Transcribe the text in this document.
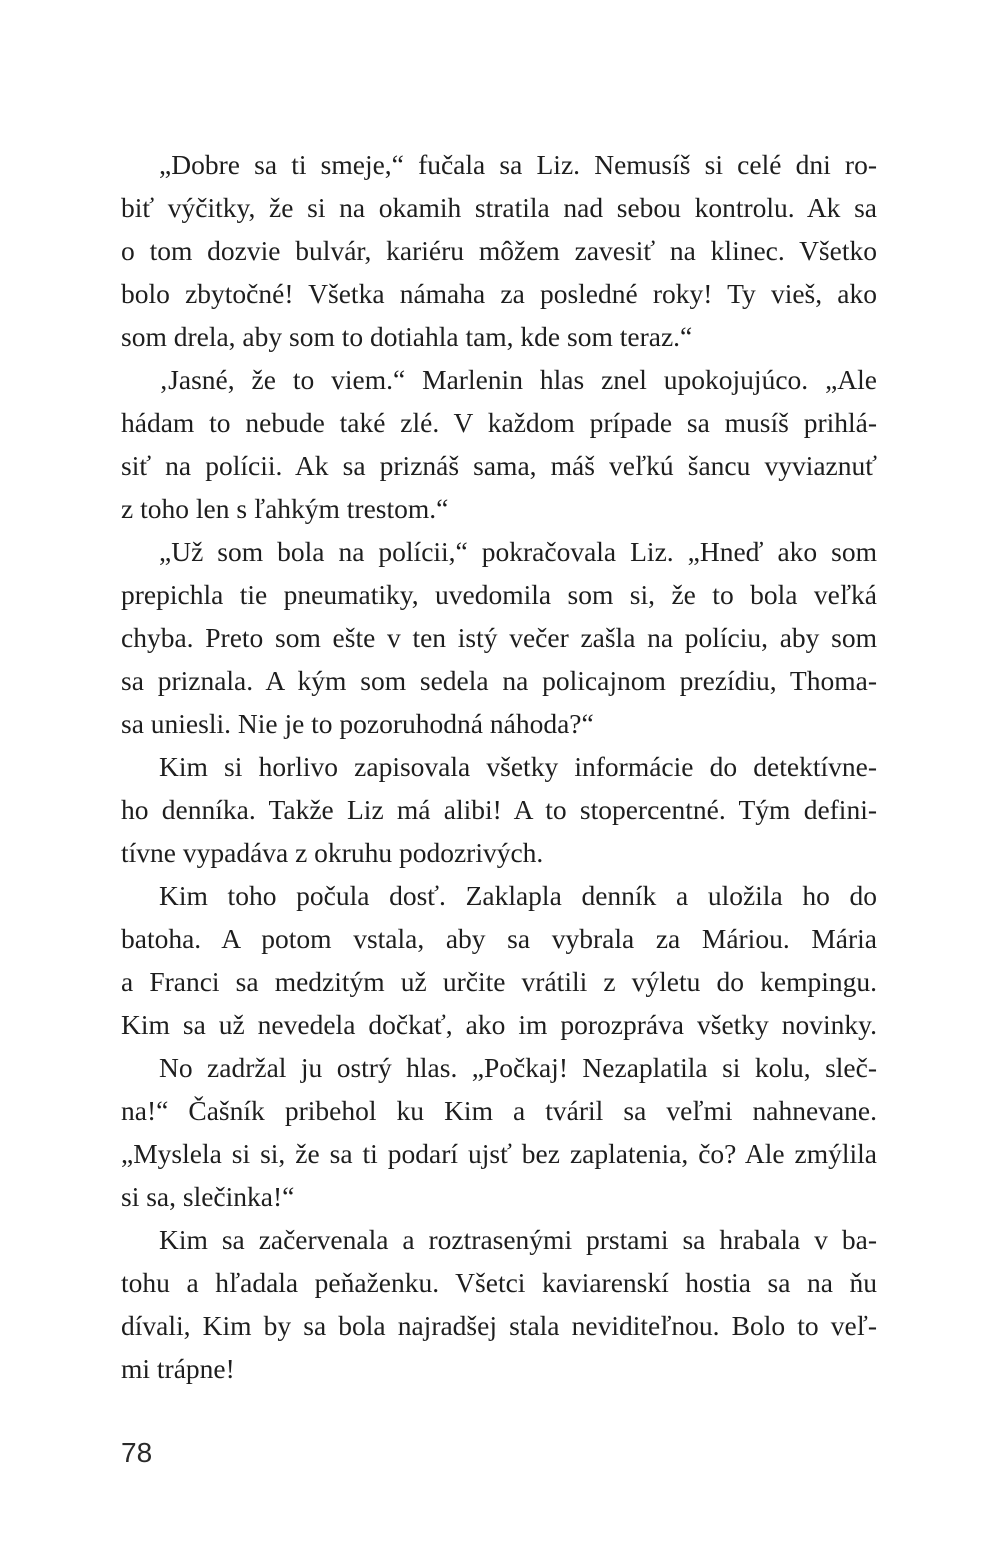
„Dobre sa ti smeje,“ fučala sa Liz. Nemusíš si celé dni ro-
biť výčitky, že si na okamih stratila nad sebou kontrolu. Ak sa
o tom dozvie bulvár, kariéru môžem zavesiť na klinec. Všetko
bolo zbytočné! Všetka námaha za posledné roky! Ty vieš, ako
som drela, aby som to dotiahla tam, kde som teraz.“
‚Jasné, že to viem.“ Marlenin hlas znel upokojujúco. „Ale
hádam to nebude také zlé. V každom prípade sa musíš prihlá-
siť na polícii. Ak sa priznáš sama, máš veľkú šancu vyviaznuť
z toho len s ľahkým trestom.“
„Už som bola na polícii,“ pokračovala Liz. „Hneď ako som
prepichla tie pneumatiky, uvedomila som si, že to bola veľká
chyba. Preto som ešte v ten istý večer zašla na políciu, aby som
sa priznala. A kým som sedela na policajnom prezídiu, Thoma-
sa uniesli. Nie je to pozoruhodná náhoda?“
Kim si horlivo zapisovala všetky informácie do detektívne-
ho denníka. Takže Liz má alibi! A to stopercentné. Tým defini-
tívne vypadáva z okruhu podozrivých.
Kim toho počula dosť. Zaklapla denník a uložila ho do
batoha. A potom vstala, aby sa vybrala za Máriou. Mária
a Franci sa medzitým už určite vrátili z výletu do kempingu.
Kim sa už nevedela dočkať, ako im porozpráva všetky novinky.
No zadržal ju ostrý hlas. „Počkaj! Nezaplatila si kolu, sleč-
na!“ Čašník pribehol ku Kim a tváril sa veľmi nahnevane.
„Myslela si si, že sa ti podarí ujsť bez zaplatenia, čo? Ale zmýlila
si sa, slečinka!“
Kim sa začervenala a roztrasenými prstami sa hrabala v ba-
tohu a hľadala peňaženku. Všetci kaviarenskí hostia sa na ňu
dívali, Kim by sa bola najradšej stala neviditeľnou. Bolo to veľ-
mi trápne!
78
